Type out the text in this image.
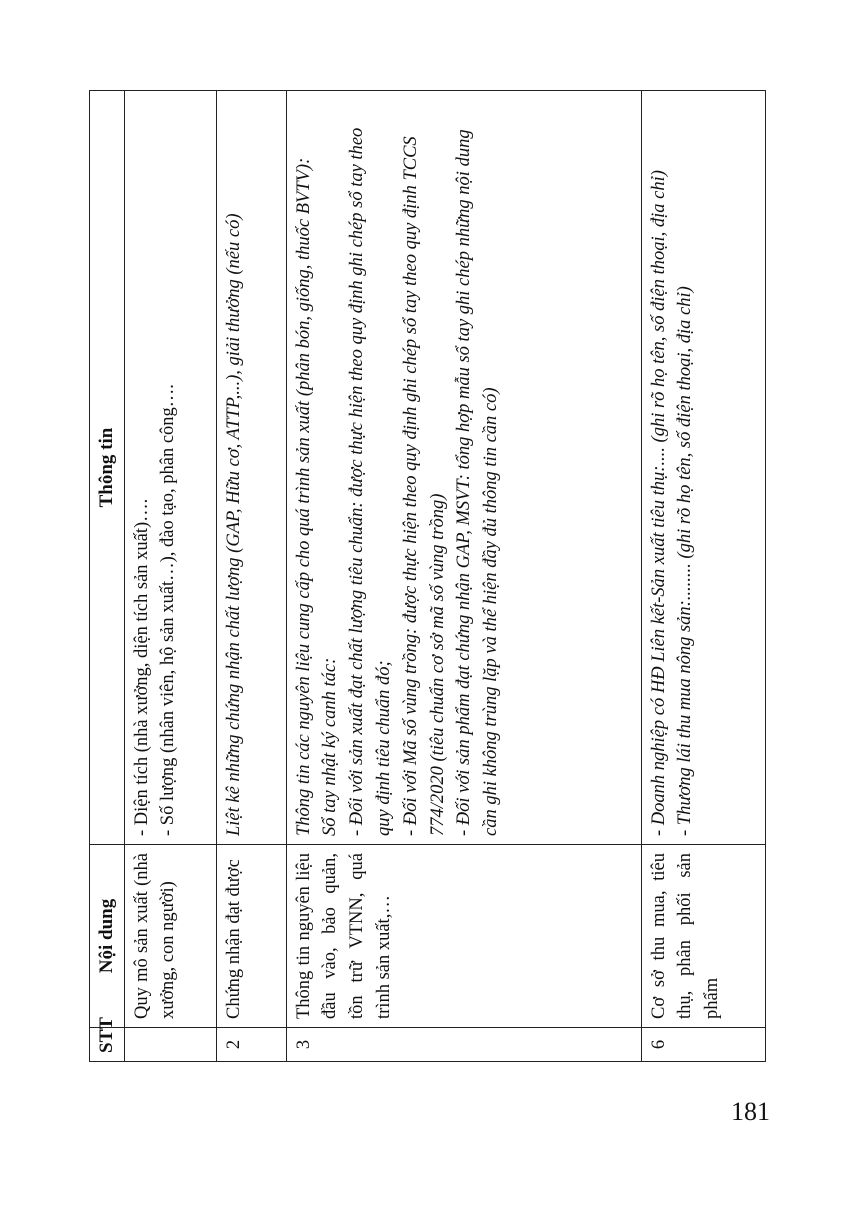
STT	Nội dung	Thông tin
	Quy mô sản xuất (nhà xưởng, con người)	- Diện tích (nhà xưởng, diện tích sản xuất)…. - Số lượng (nhân viên, hộ sản xuất…), đào tạo, phân công….

2	Chứng nhận đạt được	Liệt kê những chứng nhận chất lượng (GAP, Hữu cơ, ATTP,...), giải thưởng (nếu có)

3	Thông tin nguyên liệu đầu vào, bảo quản, tồn trữ VTNN, quá trình sản xuất,…	Thông tin các nguyên liệu cung cấp cho quá trình sản xuất (phân bón, giống, thuốc BVTV): Sổ tay nhật ký canh tác: - Đối với sản xuất đạt chất lượng tiêu chuẩn: được thực hiện theo quy định ghi chép sổ tay theo quy định tiêu chuẩn đó; - Đối với Mã số vùng trồng: được thực hiện theo quy định ghi chép sổ tay theo quy định TCCS 774/2020 (tiêu chuẩn cơ sở mã số vùng trồng) - Đối với sản phẩm đạt chứng nhận GAP, MSVT: tổng hợp mẫu sổ tay ghi chép những nội dung cần ghi không trùng lặp và thể hiện đầy đủ thông tin cần có)

6	Cơ sở thu mua, tiêu thụ, phân phối sản phẩm	- Doanh nghiệp có HĐ Liên kết-Sản xuất tiêu thụ:.... (ghi rõ họ tên, số điện thoại, địa chỉ) - Thương lái thu mua nông sản:........ (ghi rõ họ tên, số điện thoại, địa chỉ)
181
